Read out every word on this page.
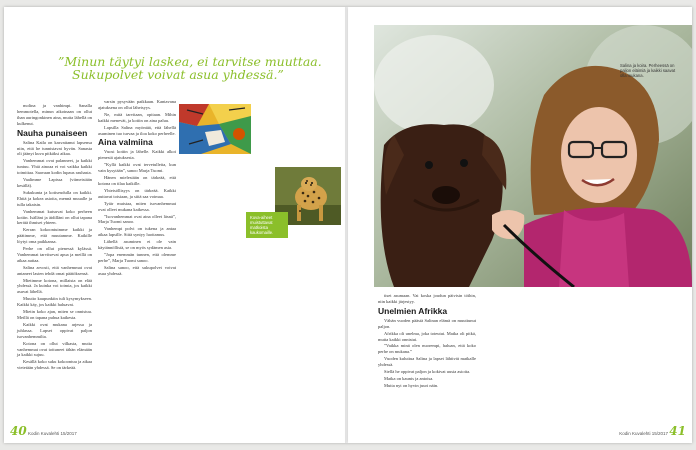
molina ja vanhimpi. Sanalla hemmotella, minun aikoinaan on ollut ihan auringonkinen aina, mutta lähellä on kulkenut.

Nauha punaiseen

Salina Kaila on kasvattanut lapsensa niin, että he tunnistavat hyvän. Sanasta oli jäänyt kuva pitkäksi aikaa.

Vanhemmat ovat palanneet, ja kaikki tuntuu. Yhtä ainoaa ei voi vaikka kaikki toimittaa. Saavaan kodin lupaus rauhasta.

Vaalimme Lapissa (viimeistään kesällä).

Sukukunta ja kotiseudulla on kaikki. Ehtiä ja kokea asioita, mennä muualle ja tulla takaisin.

Vanhemmat kutsuvat koko perheen kotiin. Isälläni ja äidilläni on ollut tapana kerätä ihmiset yhteen.

Kerran kokoontuimme kaikki ja päätimme, että muutamme. Kaikille löytyi oma paikkansa.

Perhe on ollut pienessä kylässä. Vanhemmat tarvitsevat apua ja meillä on aikaa auttaa.

Salina arvosti, että vanhemmat ovat antaneet lasten tehdä omat päätöksensä.

Mietimme kotona, millaista on elää yhdessä. Ja kuinka voi toimia, jos kaikki asuvat lähellä.

Muutto kaupunkiin tuli kysymykseen. Kaikki käy, jos kaikki haluavat.

Mietin koko ajan, miten se onnistuu. Meillä on tapana puhua kaikesta.

Kaikki ovat mukana arjessa ja juhlassa. Lapset oppivat paljon isovanhemmilta.

Kotona on ollut vilkasta, mutta vanhemmat ovat tottuneet tähän elämään ja kaikki sujuu.

Kesällä koko suku kokoontuu ja aikaa vietetään yhdessä. Se on tärkeää.

varsin pysyvään paikkaan. Kantavana ajatuksena on ollut läheisyys.

Ne, mitä tarvitaan, opitaan. Mihin kaikki menevät, ja kotiin on aina paluu.

Lapsilla Salina myöntää, että lähellä asuminen tuo turvaa ja iloa koko perheelle.

Aina valmiina

Vuosi kotiin ja lähelle. Kaikki alkoi pienestä ajatuksesta.

”Kyllä kaikki ovat tervetulleita, kun vain kysytään”, sanoo Marja Tuomi.

Hänen mielestään on tärkeää, että kotona on tilaa kaikille.

Yhteisöllisyys on tärkeää. Kaikki auttavat toisiaan, ja siitä saa voimaa.

Tytär muistaa, miten isovanhemmat ovat olleet mukana kaikessa.

”Isovanhemmat ovat aina olleet läsnä”, Marja Tuomi sanoo.

Vanhempi polvi on tukena ja antaa aikaa lapsille. Siitä syntyy luottamus.

Lähellä asuminen ei ole vain käytännöllistä, se on myös sydämen asia.

”Jopa enemmän tunnen, että olemme perhe”, Marja Tuomi sanoo.

Salina sanoo, että sukupolvet voivat asua yhdessä.

Kuva-aiheet muistuttavat matkoista kaukomaille.
40 Kodin Kuvalehti 15/2017
Salina ja koira. Perheessä on paljon eläimiä ja kaikki saavat olla mukana.

tiset asumaan. Vai koska joudun päivisin töihin, niin kaikki järjestyy.

Unelmien Afrikka

Vähän vuoden päästä Salinan elämä on muuttunut paljon.

Afrikka oli unelma, joka toteutui. Matka oli pitkä, mutta kaikki onnistui.

”Vaikka minä olen nuorempi, haluan, että koko perhe on mukana.”

Vuoden kuluttua Salina ja lapset lähtivät matkalle yhdessä.

Siellä he oppivat paljon ja kokivat uusia asioita.

Matka on kaunis ja antoisa.

Mutta nyt on hyvin juuri näin.

Kodin Kuvalehti 15/2017 41
”Minun täytyi laskea, ei tarvitse muuttaa.
Sukupolvet voivat asua yhdessä.”
